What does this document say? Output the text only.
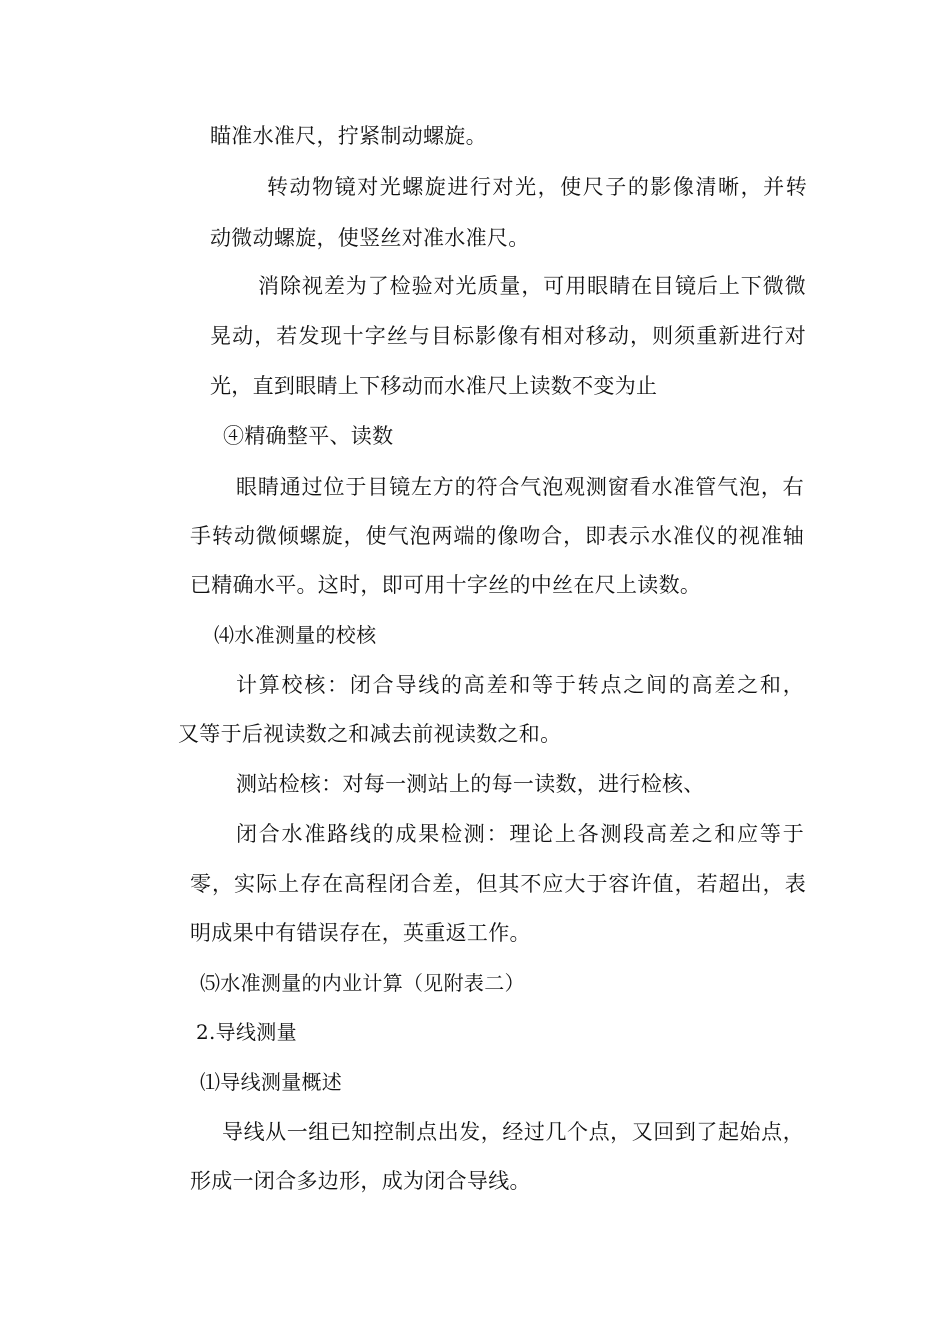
瞄准水准尺，拧紧制动螺旋。
转动物镜对光螺旋进行对光，使尺子的影像清晰，并转
动微动螺旋，使竖丝对准水准尺。
消除视差为了检验对光质量，可用眼睛在目镜后上下微微
晃动，若发现十字丝与目标影像有相对移动，则须重新进行对
光，直到眼睛上下移动而水准尺上读数不变为止
④精确整平、读数
眼睛通过位于目镜左方的符合气泡观测窗看水准管气泡，右
手转动微倾螺旋，使气泡两端的像吻合，即表示水准仪的视准轴
已精确水平。这时，即可用十字丝的中丝在尺上读数。
⑷水准测量的校核
计算校核：闭合导线的高差和等于转点之间的高差之和，
又等于后视读数之和减去前视读数之和。
测站检核：对每一测站上的每一读数，进行检核、
闭合水准路线的成果检测：理论上各测段高差之和应等于
零，实际上存在高程闭合差，但其不应大于容许值，若超出，表
明成果中有错误存在，英重返工作。
⑸水准测量的内业计算（见附表二）
2.导线测量
⑴导线测量概述
导线从一组已知控制点出发，经过几个点，又回到了起始点，
形成一闭合多边形，成为闭合导线。
